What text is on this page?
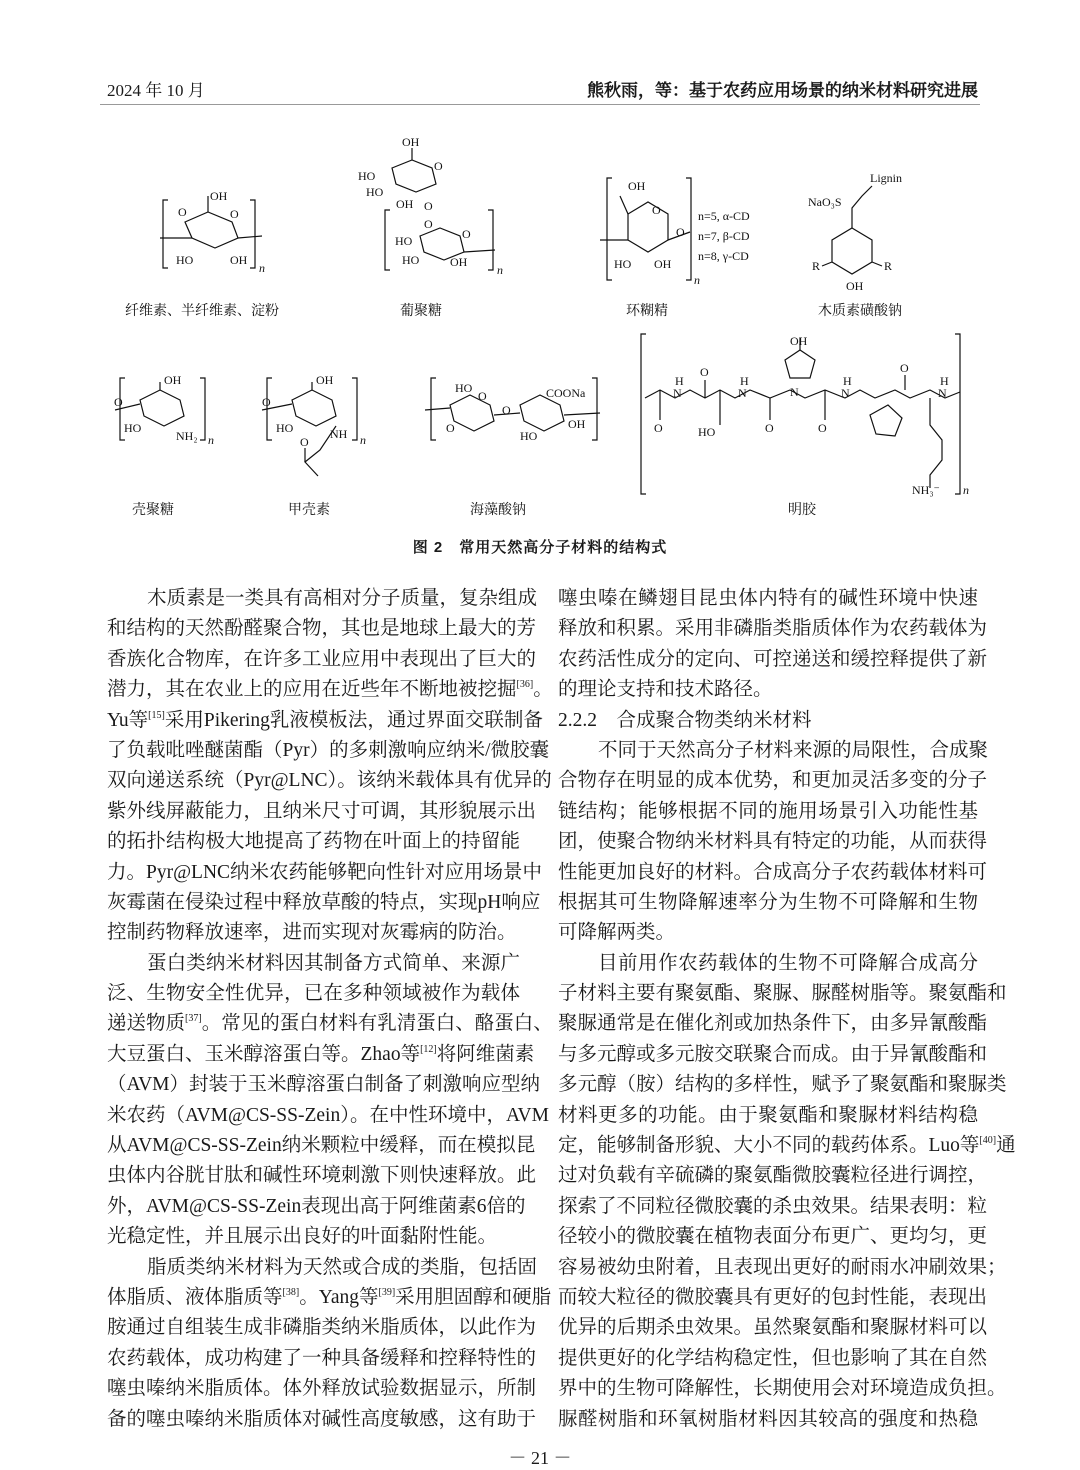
2024 年 10 月	熊秋雨，等：基于农药应用场景的纳米材料研究进展
O
OH
O
HO	OH
n
纤维素、半纤维素、淀粉
OH
HO
HO
O
OH O
O
HO
HO
O
OH
n
葡聚糖
OH
O
O
HO OH
n
n=5, α-CD
n=7, β-CD
n=8, γ-CD
环糊精
Lignin
NaO₃S
R	R
OH
木质素磺酸钠
OH
O
HO
NH₂ n
壳聚糖
OH
O
HO	NH
O	n
甲壳素
HO
O
O
O
COONa
HO
OH
海藻酸钠
OH
O
H
N
O
H
N
O
N
H
N
O
O
H
N
HO
NH₃⁻ n
明胶
图 2　常用天然高分子材料的结构式
木质素是一类具有高相对分子质量，复杂组成
和结构的天然酚醛聚合物，其也是地球上最大的芳
香族化合物库，在许多工业应用中表现出了巨大的
潜力，其在农业上的应用在近些年不断地被挖掘[36]。
Yu等[15]采用Pikering乳液模板法，通过界面交联制备
了负载吡唑醚菌酯（Pyr）的多刺激响应纳米/微胶囊
双向递送系统（Pyr@LNC）。该纳米载体具有优异的
紫外线屏蔽能力，且纳米尺寸可调，其形貌展示出
的拓扑结构极大地提高了药物在叶面上的持留能
力。Pyr@LNC纳米农药能够靶向性针对应用场景中
灰霉菌在侵染过程中释放草酸的特点，实现pH响应
控制药物释放速率，进而实现对灰霉病的防治。
蛋白类纳米材料因其制备方式简单、来源广
泛、生物安全性优异，已在多种领域被作为载体
递送物质[37]。常见的蛋白材料有乳清蛋白、酪蛋白、
大豆蛋白、玉米醇溶蛋白等。Zhao等[12]将阿维菌素
（AVM）封装于玉米醇溶蛋白制备了刺激响应型纳
米农药（AVM@CS-SS-Zein）。在中性环境中，AVM
从AVM@CS-SS-Zein纳米颗粒中缓释，而在模拟昆
虫体内谷胱甘肽和碱性环境刺激下则快速释放。此
外，AVM@CS-SS-Zein表现出高于阿维菌素6倍的
光稳定性，并且展示出良好的叶面黏附性能。
脂质类纳米材料为天然或合成的类脂，包括固
体脂质、液体脂质等[38]。Yang等[39]采用胆固醇和硬脂
胺通过自组装生成非磷脂类纳米脂质体，以此作为
农药载体，成功构建了一种具备缓释和控释特性的
噻虫嗪纳米脂质体。体外释放试验数据显示，所制
备的噻虫嗪纳米脂质体对碱性高度敏感，这有助于
噻虫嗪在鳞翅目昆虫体内特有的碱性环境中快速
释放和积累。采用非磷脂类脂质体作为农药载体为
农药活性成分的定向、可控递送和缓控释提供了新
的理论支持和技术路径。
2.2.2　合成聚合物类纳米材料
不同于天然高分子材料来源的局限性，合成聚
合物存在明显的成本优势，和更加灵活多变的分子
链结构；能够根据不同的施用场景引入功能性基
团，使聚合物纳米材料具有特定的功能，从而获得
性能更加良好的材料。合成高分子农药载体材料可
根据其可生物降解速率分为生物不可降解和生物
可降解两类。
目前用作农药载体的生物不可降解合成高分
子材料主要有聚氨酯、聚脲、脲醛树脂等。聚氨酯和
聚脲通常是在催化剂或加热条件下，由多异氰酸酯
与多元醇或多元胺交联聚合而成。由于异氰酸酯和
多元醇（胺）结构的多样性，赋予了聚氨酯和聚脲类
材料更多的功能。由于聚氨酯和聚脲材料结构稳
定，能够制备形貌、大小不同的载药体系。Luo等[40]通
过对负载有辛硫磷的聚氨酯微胶囊粒径进行调控，
探索了不同粒径微胶囊的杀虫效果。结果表明：粒
径较小的微胶囊在植物表面分布更广、更均匀，更
容易被幼虫附着，且表现出更好的耐雨水冲刷效果；
而较大粒径的微胶囊具有更好的包封性能，表现出
优异的后期杀虫效果。虽然聚氨酯和聚脲材料可以
提供更好的化学结构稳定性，但也影响了其在自然
界中的生物可降解性，长期使用会对环境造成负担。
脲醛树脂和环氧树脂材料因其较高的强度和热稳
－ 21 －
